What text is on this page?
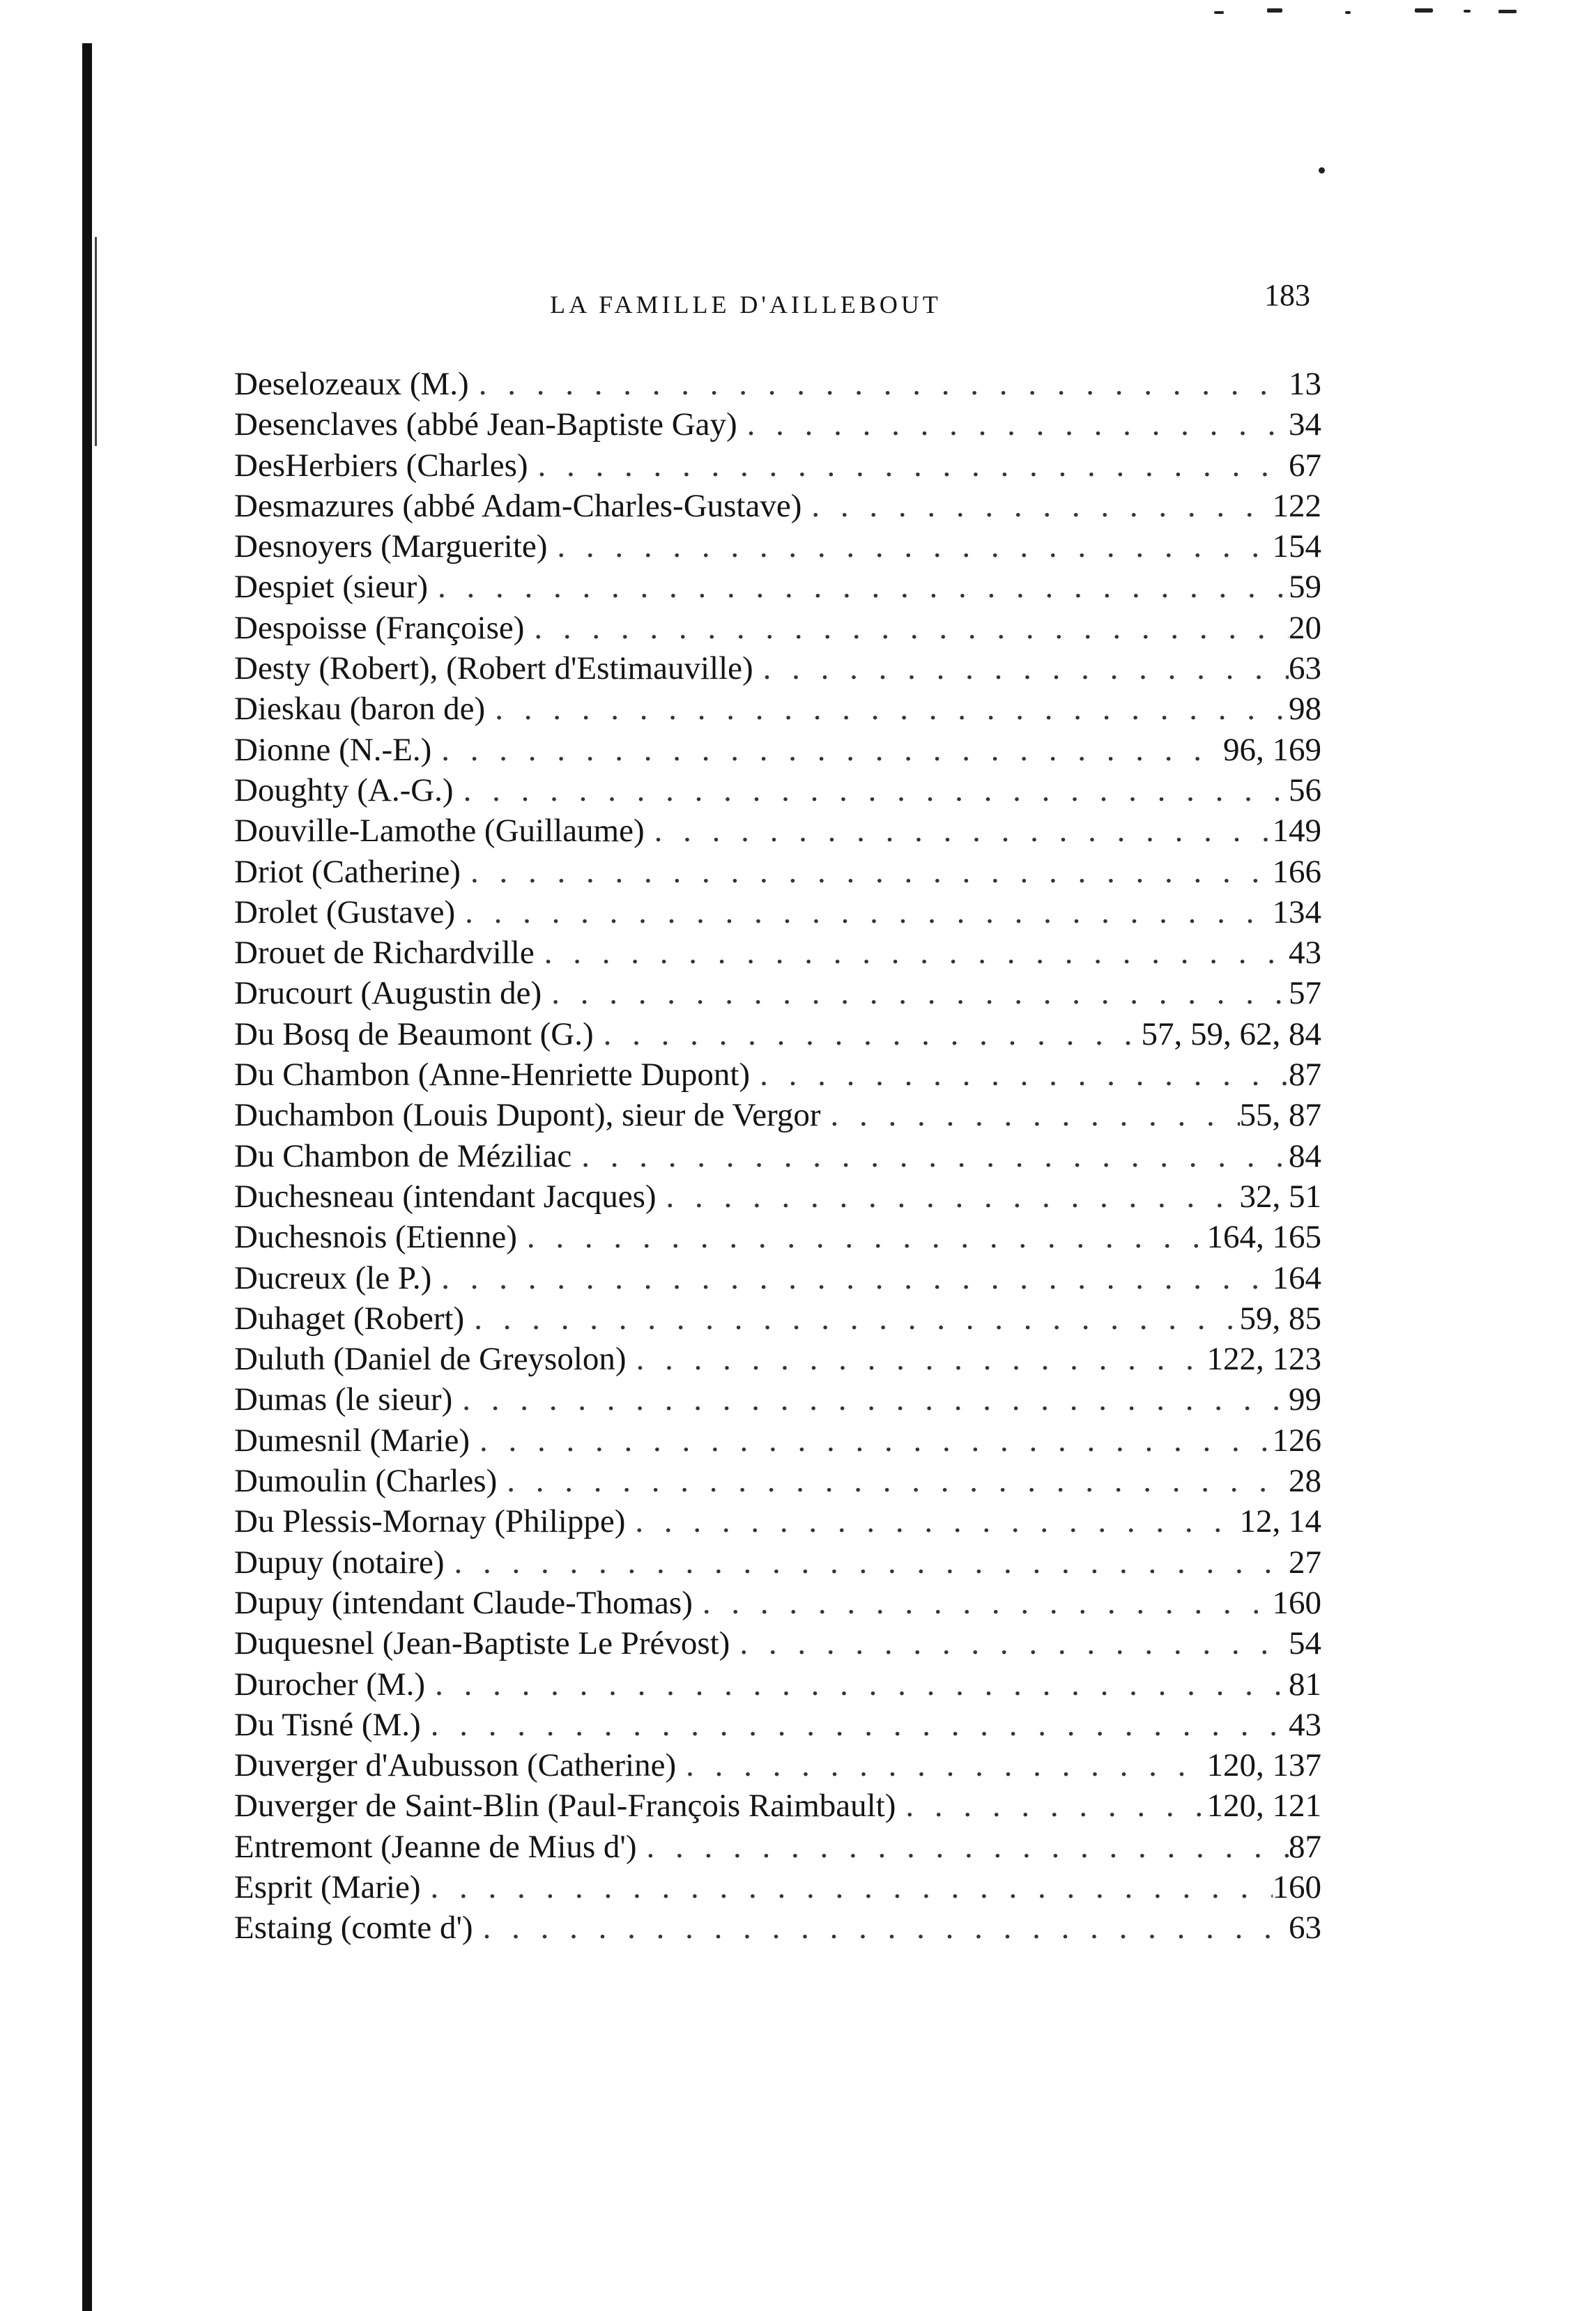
LA FAMILLE D'AILLEBOUT	183
Deselozeaux (M.) . . .	13
Desenclaves (abbé Jean-Baptiste Gay) . . .	34
DesHerbiers (Charles) . . .	67
Desmazures (abbé Adam-Charles-Gustave) . . .	122
Desnoyers (Marguerite) . . .	154
Despiet (sieur) . . .	59
Despoisse (Françoise) . . .	20
Desty (Robert), (Robert d'Estimauville) . . .	63
Dieskau (baron de) . . .	98
Dionne (N.-E.) . . .	96, 169
Doughty (A.-G.) . . .	56
Douville-Lamothe (Guillaume) . . .	149
Driot (Catherine) . . .	166
Drolet (Gustave) . . .	134
Drouet de Richardville . . .	43
Drucourt (Augustin de) . . .	57
Du Bosq de Beaumont (G.) . . .	57, 59, 62, 84
Du Chambon (Anne-Henriette Dupont) . . .	87
Duchambon (Louis Dupont), sieur de Vergor . . .	55, 87
Du Chambon de Méziliac . . .	84
Duchesneau (intendant Jacques) . . .	32, 51
Duchesnois (Etienne) . . .	164, 165
Ducreux (le P.) . . .	164
Duhaget (Robert) . . .	59, 85
Duluth (Daniel de Greysolon) . . .	122, 123
Dumas (le sieur) . . .	99
Dumesnil (Marie) . . .	126
Dumoulin (Charles) . . .	28
Du Plessis-Mornay (Philippe) . . .	12, 14
Dupuy (notaire) . . .	27
Dupuy (intendant Claude-Thomas) . . .	160
Duquesnel (Jean-Baptiste Le Prévost) . . .	54
Durocher (M.) . . .	81
Du Tisné (M.) . . .	43
Duverger d'Aubusson (Catherine) . . .	120, 137
Duverger de Saint-Blin (Paul-François Raimbault) . . .	120, 121
Entremont (Jeanne de Mius d') . . .	87
Esprit (Marie) . . .	160
Estaing (comte d') . . .	63
